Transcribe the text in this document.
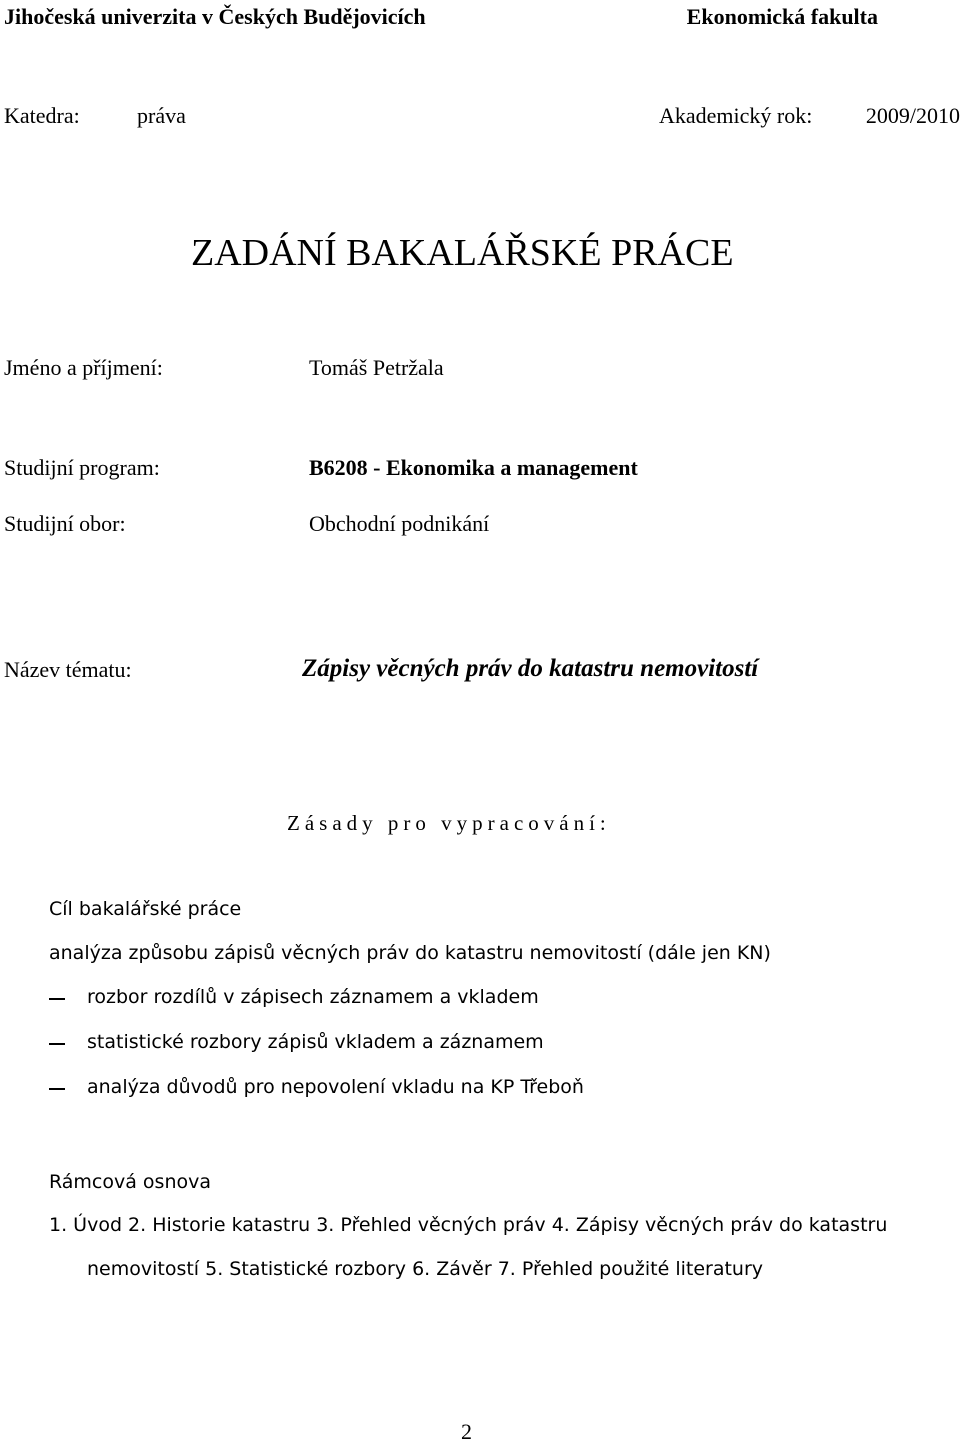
Jihočeská univerzita v Českých Budějovicích	Ekonomická fakulta
Katedra:	práva	Akademický rok: 2009/2010
ZADÁNÍ BAKALÁŘSKÉ PRÁCE
Jméno a příjmení:	Tomáš Petržala
Studijní program:	B6208 - Ekonomika a management
Studijní obor:	Obchodní podnikání
Název tématu:	Zápisy věcných práv do katastru nemovitostí
Zásady pro vypracování:
Cíl bakalářské práce
analýza způsobu zápisů věcných práv do katastru nemovitostí (dále jen KN)
rozbor rozdílů v zápisech záznamem a vkladem
statistické rozbory zápisů vkladem a záznamem
analýza důvodů pro nepovolení vkladu na KP Třeboň
Rámcová osnova
1. Úvod 2. Historie katastru 3. Přehled věcných práv 4. Zápisy věcných práv do katastru
nemovitostí 5. Statistické rozbory 6. Závěr 7. Přehled použité literatury
2
